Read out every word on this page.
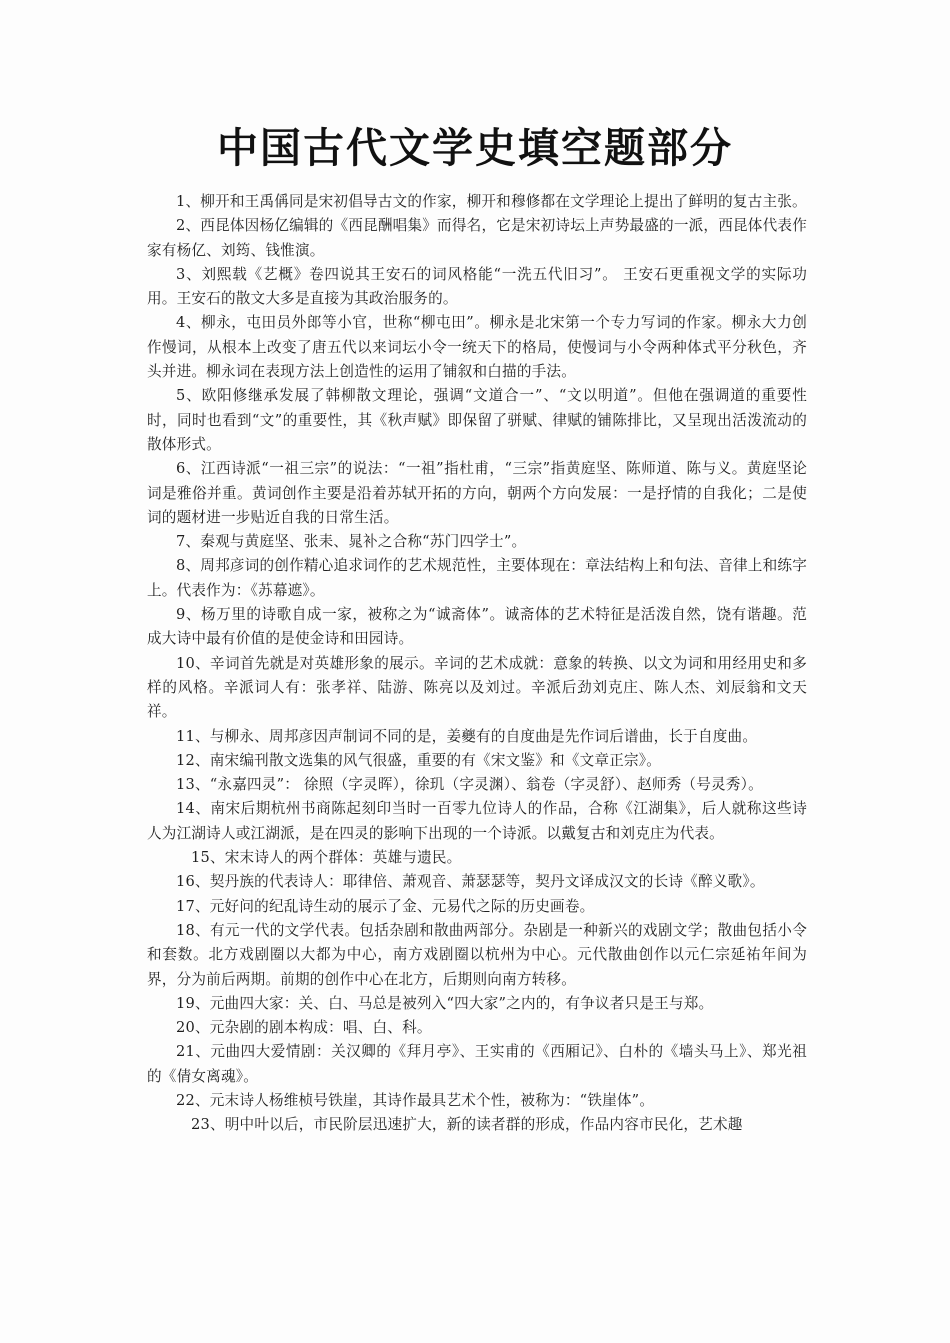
中国古代文学史填空题部分

1、柳开和王禹偁同是宋初倡导古文的作家，柳开和穆修都在文学理论上提出了鲜明的复古主张。

2、西昆体因杨亿编辑的《西昆酬唱集》而得名，它是宋初诗坛上声势最盛的一派，西昆体代表作家有杨亿、刘筠、钱惟演。

3、刘熙载《艺概》卷四说其王安石的词风格能“一洗五代旧习”。 王安石更重视文学的实际功用。王安石的散文大多是直接为其政治服务的。

4、柳永，屯田员外郎等小官，世称“柳屯田”。柳永是北宋第一个专力写词的作家。柳永大力创作慢词，从根本上改变了唐五代以来词坛小令一统天下的格局，使慢词与小令两种体式平分秋色，齐头并进。柳永词在表现方法上创造性的运用了铺叙和白描的手法。

5、欧阳修继承发展了韩柳散文理论，强调“文道合一”、“文以明道”。但他在强调道的重要性时，同时也看到“文”的重要性，其《秋声赋》即保留了骈赋、律赋的铺陈排比，又呈现出活泼流动的散体形式。

6、江西诗派“一祖三宗”的说法：“一祖”指杜甫，“三宗”指黄庭坚、陈师道、陈与义。黄庭坚论词是雅俗并重。黄词创作主要是沿着苏轼开拓的方向，朝两个方向发展：一是抒情的自我化；二是使词的题材进一步贴近自我的日常生活。

7、秦观与黄庭坚、张耒、晁补之合称“苏门四学士”。

8、周邦彦词的创作精心追求词作的艺术规范性，主要体现在：章法结构上和句法、音律上和练字上。代表作为：《苏幕遮》。

9、杨万里的诗歌自成一家，被称之为“诚斋体”。诚斋体的艺术特征是活泼自然，饶有谐趣。范成大诗中最有价值的是使金诗和田园诗。

10、辛词首先就是对英雄形象的展示。辛词的艺术成就：意象的转换、以文为词和用经用史和多样的风格。辛派词人有：张孝祥、陆游、陈亮以及刘过。辛派后劲刘克庄、陈人杰、刘辰翁和文天祥。

11、与柳永、周邦彦因声制词不同的是，姜夔有的自度曲是先作词后谱曲，长于自度曲。

12、南宋编刊散文选集的风气很盛，重要的有《宋文鉴》和《文章正宗》。

13、“永嘉四灵”： 徐照（字灵晖），徐玑（字灵渊）、翁卷（字灵舒）、赵师秀（号灵秀）。

14、南宋后期杭州书商陈起刻印当时一百零九位诗人的作品，合称《江湖集》，后人就称这些诗人为江湖诗人或江湖派，是在四灵的影响下出现的一个诗派。以戴复古和刘克庄为代表。

15、宋末诗人的两个群体：英雄与遗民。

16、契丹族的代表诗人：耶律倍、萧观音、萧瑟瑟等，契丹文译成汉文的长诗《醉义歌》。

17、元好问的纪乱诗生动的展示了金、元易代之际的历史画卷。

18、有元一代的文学代表。包括杂剧和散曲两部分。杂剧是一种新兴的戏剧文学；散曲包括小令和套数。北方戏剧圈以大都为中心，南方戏剧圈以杭州为中心。元代散曲创作以元仁宗延祐年间为界，分为前后两期。前期的创作中心在北方，后期则向南方转移。

19、元曲四大家：关、白、马总是被列入“四大家”之内的，有争议者只是王与郑。

20、元杂剧的剧本构成：唱、白、科。

21、元曲四大爱情剧：关汉卿的《拜月亭》、王实甫的《西厢记》、白朴的《墙头马上》、郑光祖的《倩女离魂》。

22、元末诗人杨维桢号铁崖，其诗作最具艺术个性，被称为：“铁崖体”。

23、明中叶以后，市民阶层迅速扩大，新的读者群的形成，作品内容市民化，艺术趣
